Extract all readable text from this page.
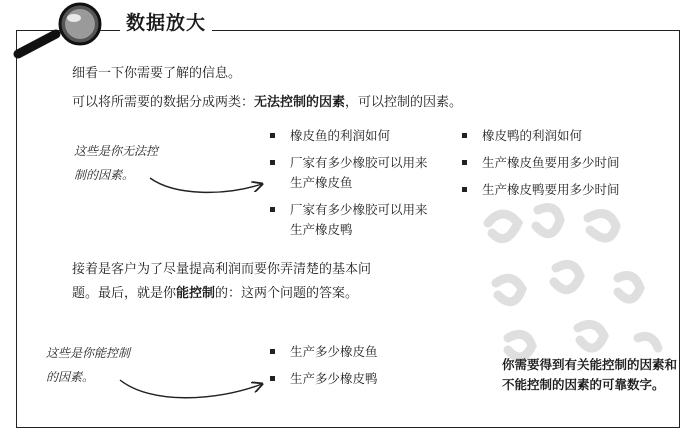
数据放大
细看一下你需要了解的信息。
可以将所需要的数据分成两类：无法控制的因素，可以控制的因素。
这些是你无法控制的因素。
橡皮鱼的利润如何
厂家有多少橡胶可以用来生产橡皮鱼
厂家有多少橡胶可以用来生产橡皮鸭
橡皮鸭的利润如何
生产橡皮鱼要用多少时间
生产橡皮鸭要用多少时间
接着是客户为了尽量提高利润而要你弄清楚的基本问题。最后，就是你能控制的：这两个问题的答案。
这些是你能控制的因素。
生产多少橡皮鱼
生产多少橡皮鸭
你需要得到有关能控制的因素和不能控制的因素的可靠数字。
